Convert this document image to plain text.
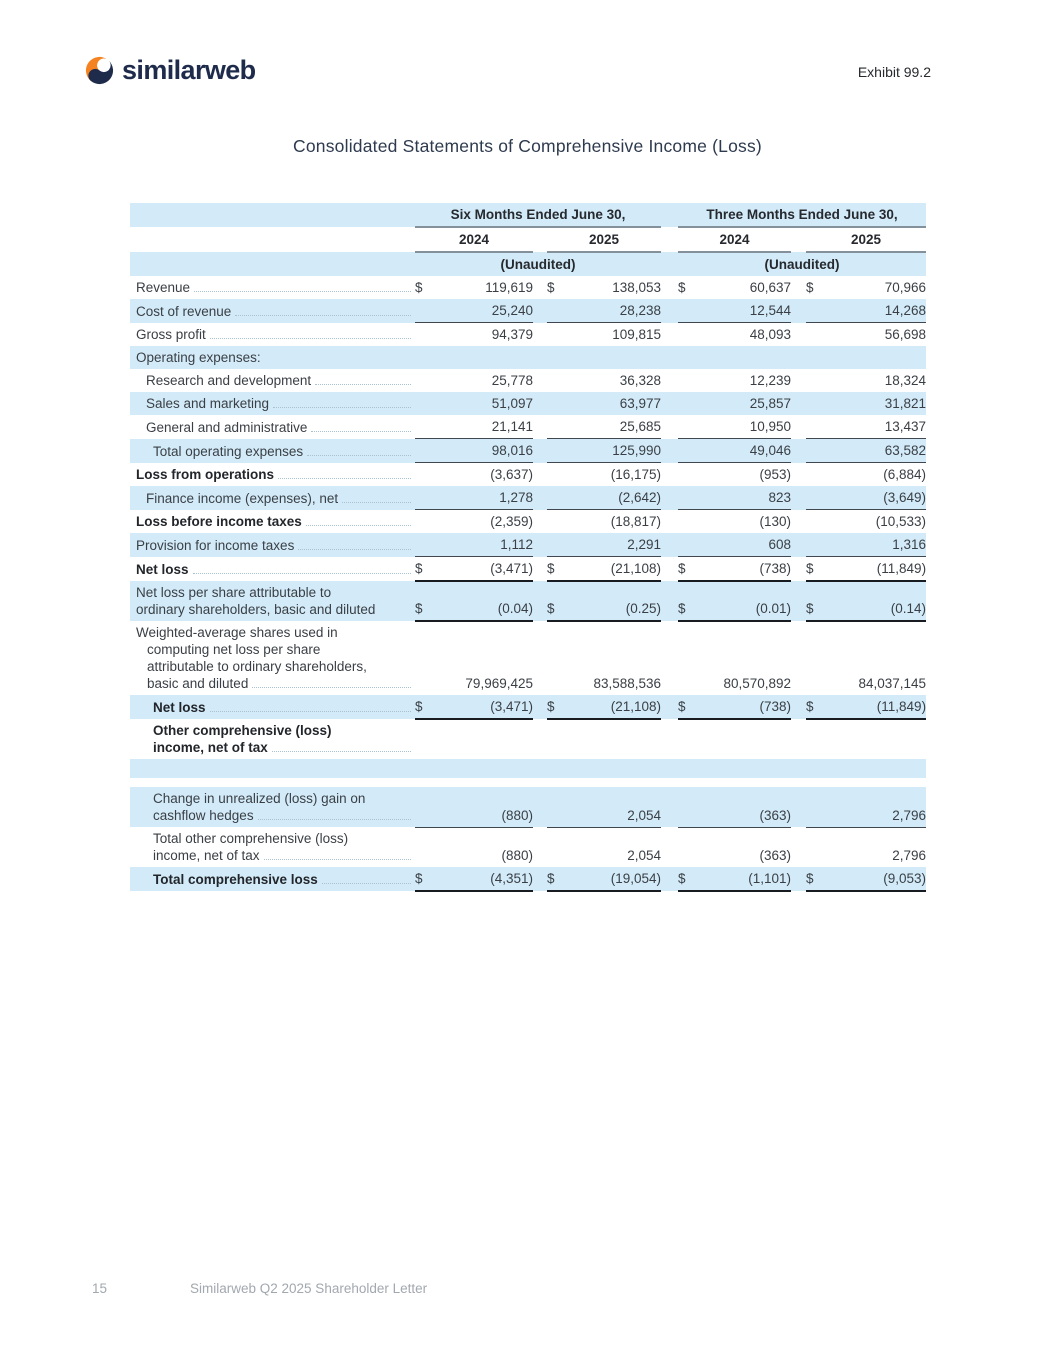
similarweb	Exhibit 99.2
Consolidated Statements of Comprehensive Income (Loss)
	Six Months Ended June 30,						Three Months Ended June 30,				
	2024			2025			2024			2025	
	(Unaudited)						(Unaudited)				

Revenue	$	119,619		$	138,053		$	60,637		$	70,966

Cost of revenue		25,240			28,238			12,544			14,268

Gross profit		94,379			109,815			48,093			56,698

Operating expenses:											

Research and development		25,778			36,328			12,239			18,324

Sales and marketing		51,097			63,977			25,857			31,821

General and administrative		21,141			25,685			10,950			13,437

Total operating expenses		98,016			125,990			49,046			63,582

Loss from operations		(3,637)			(16,175)			(953)			(6,884)

Finance income (expenses), net		1,278			(2,642)			823			(3,649)

Loss before income taxes		(2,359)			(18,817)			(130)			(10,533)

Provision for income taxes		1,112			2,291			608			1,316

Net loss	$	(3,471)		$	(21,108)		$	(738)		$	(11,849)

Net loss per share attributable to
ordinary shareholders, basic and diluted	$	(0.04)		$	(0.25)		$	(0.01)		$	(0.14)

Weighted-average shares used in
computing net loss per share
attributable to ordinary shareholders,
basic and diluted		79,969,425			83,588,536			80,570,892			84,037,145

Net loss	$	(3,471)		$	(21,108)		$	(738)		$	(11,849)

Other comprehensive (loss)
income, net of tax											

Change in unrealized (loss) gain on
cashflow hedges		(880)			2,054			(363)			2,796

Total other comprehensive (loss)
income, net of tax		(880)			2,054			(363)			2,796

Total comprehensive loss	$	(4,351)		$	(19,054)		$	(1,101)		$	(9,053)
15	Similarweb Q2 2025 Shareholder Letter
